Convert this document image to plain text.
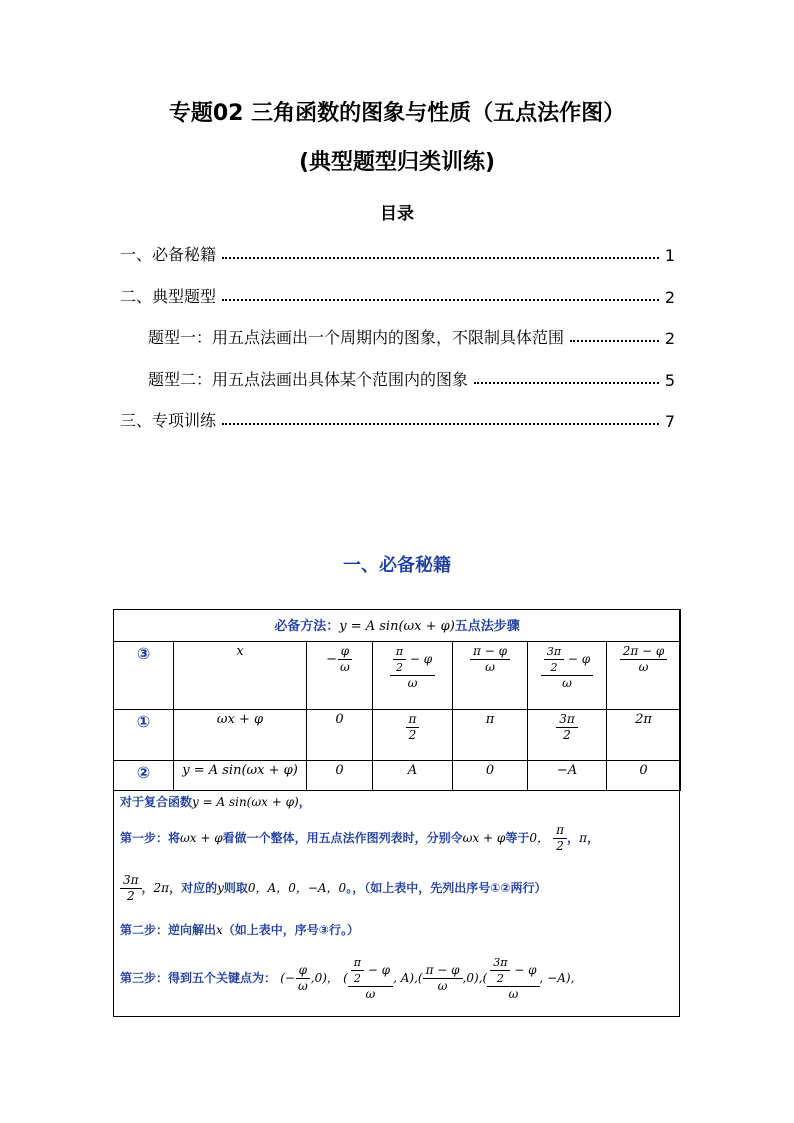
专题02 三角函数的图象与性质（五点法作图）
(典型题型归类训练)
目录
一、必备秘籍	1
二、典型题型	2
题型一：用五点法画出一个周期内的图象，不限制具体范围	2
题型二：用五点法画出具体某个范围内的图象	5
三、专项训练	7
一、必备秘籍
必备方法：y = A sin(ωx + φ)五点法步骤						
③	x	− $\frac{\varphi}{\omega}$	$\frac{\frac{\pi}{2} - \varphi}{\omega}$	$\frac{\pi - \varphi}{\omega}$	$\frac{\frac{3\pi}{2} - \varphi}{\omega}$	$\frac{2\pi - \varphi}{\omega}$

①	ωx + φ	0	$\frac{\pi}{2}$	π	$\frac{3\pi}{2}$	2π
②	y = A sin(ωx + φ)	0	A	0	−A	0
对于复合函数y = A sin(ωx + φ)，
第一步：将ωx + φ看做一个整体，用五点法作图列表时，分别令ωx + φ等于0， $\frac{\pi}{2}$ ，π，
$\frac{3\pi}{2}$ ，2π，对应的y则取0，A，0，−A，0。，（如上表中，先列出序号①②两行）
第二步：逆向解出x（如上表中，序号③行。）
第三步：得到五个关键点为： (− $\frac{\varphi}{\omega} ,0$)， ( $\frac{\frac{\pi}{2} - \varphi}{\omega}$ , $A),( \frac{\pi - \varphi}{\omega} ,0),( \frac{\frac{3\pi}{2} - \varphi}{\omega}$ , −A),
